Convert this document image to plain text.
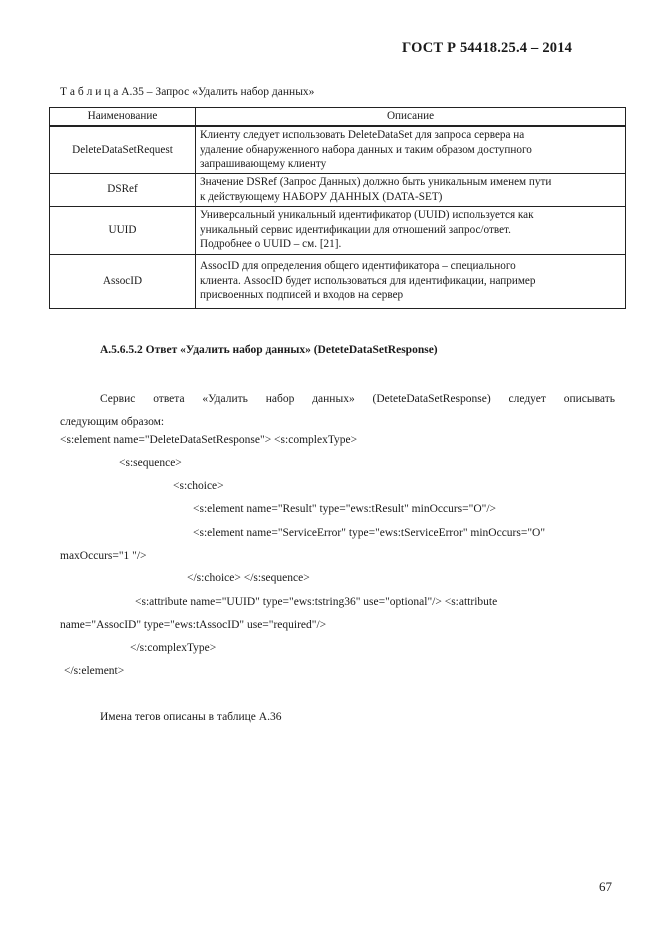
ГОСТ Р 54418.25.4 – 2014
Т а б л и ц а А.35 – Запрос «Удалить набор данных»
Наименование	Описание
DeleteDataSetRequest	Клиенту следует использовать DeleteDataSet для запроса сервера на
удаление обнаруженного набора данных и таким образом доступного
запрашивающему клиенту

DSRef	Значение DSRef (Запрос Данных) должно быть уникальным именем пути
к действующему НАБОРУ ДАННЫХ (DATA-SET)

UUID	Универсальный уникальный идентификатор (UUID) используется как
уникальный сервис идентификации для отношений запрос/ответ.
Подробнее о UUID – см. [21].

AssocID	AssocID для определения общего идентификатора – специального
клиента. AssocID будет использоваться для идентификации, например
присвоенных подписей и входов на сервер
А.5.6.5.2 Ответ «Удалить набор данных» (DeteteDataSetResponse)
Сервис ответа «Удалить набор данных» (DeteteDataSetResponse) следует описывать
следующим образом:
<s:element name="DeleteDataSetResponse"> <s:complexType>
<s:sequence>
<s:choice>
<s:element name="Result" type="ews:tResult" minOccurs="O"/>
<s:element name="ServiceError" type="ews:tServiceError" minOccurs="O"
maxOccurs="1 "/>
</s:choice> </s:sequence>
<s:attribute name="UUID" type="ews:tstring36" use="optional"/> <s:attribute
name="AssocID" type="ews:tAssocID" use="required"/>
</s:complexType>
</s:element>
Имена тегов описаны в таблице А.36
67
